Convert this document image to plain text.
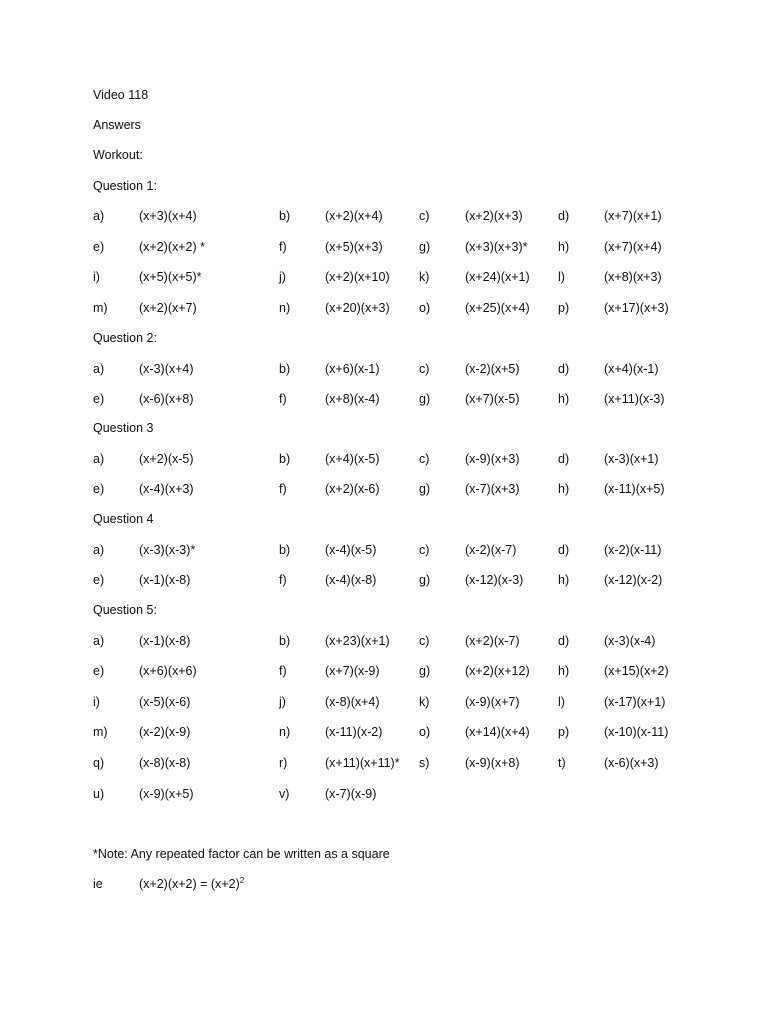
Video 118
Answers
Workout:
Question 1:
a)	(x+3)(x+4)	b)	(x+2)(x+4)	c)	(x+2)(x+3)	d)	(x+7)(x+1)
e)	(x+2)(x+2) *	f)	(x+5)(x+3)	g)	(x+3)(x+3)* h)	(x+7)(x+4)
i)	(x+5)(x+5)*	j)	(x+2)(x+10) k)	(x+24)(x+1) l)	(x+8)(x+3)
m)	(x+2)(x+7)	n)	(x+20)(x+3) o)	(x+25)(x+4) p)	(x+17)(x+3)
Question 2:
a)	(x-3)(x+4)	b)	(x+6)(x-1)	c)	(x-2)(x+5)	d)	(x+4)(x-1)
e)	(x-6)(x+8)	f)	(x+8)(x-4)	g)	(x+7)(x-5)	h)	(x+11)(x-3)
Question 3
a)	(x+2)(x-5)	b)	(x+4)(x-5)	c)	(x-9)(x+3)	d)	(x-3)(x+1)
e)	(x-4)(x+3)	f)	(x+2)(x-6)	g)	(x-7)(x+3)	h)	(x-11)(x+5)
Question 4
a)	(x-3)(x-3)*	b)	(x-4)(x-5)	c)	(x-2)(x-7)	d)	(x-2)(x-11)
e)	(x-1)(x-8)	f)	(x-4)(x-8)	g)	(x-12)(x-3)	h)	(x-12)(x-2)
Question 5:
a)	(x-1)(x-8)	b)	(x+23)(x+1) c)	(x+2)(x-7)	d)	(x-3)(x-4)
e)	(x+6)(x+6)	f)	(x+7)(x-9)	g)	(x+2)(x+12) h)	(x+15)(x+2)
i)	(x-5)(x-6)	j)	(x-8)(x+4)	k)	(x-9)(x+7)	l)	(x-17)(x+1)
m)	(x-2)(x-9)	n)	(x-11)(x-2)	o)	(x+14)(x+4) p)	(x-10)(x-11)
q)	(x-8)(x-8)	r)	(x+11)(x+11)* s)	(x-9)(x+8)	t)	(x-6)(x+3)
u)	(x-9)(x+5)	v)	(x-7)(x-9)
*Note: Any repeated factor can be written as a square
ie	$(x+2)(x+2) = (x+2)^2$
